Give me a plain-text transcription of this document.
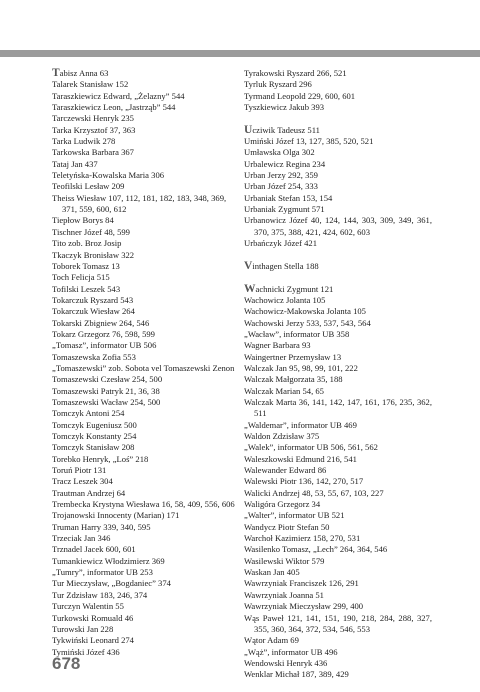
Tabisz Anna 63

Talarek Stanisław 152

Taraszkiewicz Edward, „Żelazny” 544

Taraszkiewicz Leon, „Jastrząb” 544

Tarczewski Henryk 235

Tarka Krzysztof 37, 363

Tarka Ludwik 278

Tarkowska Barbara 367

Tataj Jan 437

Teletyńska-Kowalska Maria 306

Teofilski Lesław 209

Theiss Wiesław 107, 112, 181, 182, 183, 348, 369, 371, 559, 600, 612

Tiepłow Borys 84

Tischner Józef 48, 599

Tito zob. Broz Josip

Tkaczyk Bronisław 322

Toborek Tomasz 13

Toch Felicja 515

Tofilski Leszek 543

Tokarczuk Ryszard 543

Tokarczuk Wiesław 264

Tokarski Zbigniew 264, 546

Tokarz Grzegorz 76, 598, 599

„Tomasz”, informator UB 506

Tomaszewska Zofia 553

„Tomaszewski” zob. Sobota vel Tomaszewski Zenon

Tomaszewski Czesław 254, 500

Tomaszewski Patryk 21, 36, 38

Tomaszewski Wacław 254, 500

Tomczyk Antoni 254

Tomczyk Eugeniusz 500

Tomczyk Konstanty 254

Tomczyk Stanisław 208

Torebko Henryk, „Loś” 218

Toruń Piotr 131

Tracz Leszek 304

Trautman Andrzej 64

Trembecka Krystyna Wiesława 16, 58, 409, 556, 606

Trojanowski Innocenty (Marian) 171

Truman Harry 339, 340, 595

Trzeciak Jan 346

Trznadel Jacek 600, 601

Tumankiewicz Włodzimierz 369

„Tumry”, informator UB 253

Tur Mieczysław, „Bogdaniec” 374

Tur Zdzisław 183, 246, 374

Turczyn Walentin 55

Turkowski Romuald 46

Turowski Jan 228

Tykwiński Leonard 274

Tymiński Józef 436

Tyrakowski Ryszard 266, 521

Tyrluk Ryszard 296

Tyrmand Leopold 229, 600, 601

Tyszkiewicz Jakub 393

Ucziwik Tadeusz 511

Umiński Józef 13, 127, 385, 520, 521

Umławska Olga 302

Urbalewicz Regina 234

Urban Jerzy 292, 359

Urban Józef 254, 333

Urbaniak Stefan 153, 154

Urbaniak Zygmunt 571

Urbanowicz Józef 40, 124, 144, 303, 309, 349, 361, 370, 375, 388, 421, 424, 602, 603

Urbańczyk Józef 421

Vinthagen Stella 188

Wachnicki Zygmunt 121

Wachowicz Jolanta 105

Wachowicz-Makowska Jolanta 105

Wachowski Jerzy 533, 537, 543, 564

„Wacław”, informator UB 358

Wagner Barbara 93

Waingertner Przemysław 13

Walczak Jan 95, 98, 99, 101, 222

Walczak Małgorzata 35, 188

Walczak Marian 54, 65

Walczak Marta 36, 141, 142, 147, 161, 176, 235, 362, 511

„Waldemar”, informator UB 469

Waldon Zdzisław 375

„Walek”, informator UB 506, 561, 562

Waleszkowski Edmund 216, 541

Walewander Edward 86

Walewski Piotr 136, 142, 270, 517

Walicki Andrzej 48, 53, 55, 67, 103, 227

Waligóra Grzegorz 34

„Walter”, informator UB 521

Wandycz Piotr Stefan 50

Warchoł Kazimierz 158, 270, 531

Wasilenko Tomasz, „Lech” 264, 364, 546

Wasilewski Wiktor 579

Waskan Jan 405

Wawrzyniak Franciszek 126, 291

Wawrzyniak Joanna 51

Wawrzyniak Mieczysław 299, 400

Wąs Paweł 121, 141, 151, 190, 218, 284, 288, 327, 355, 360, 364, 372, 534, 546, 553

Wątor Adam 69

„Wąż”, informator UB 496

Wendowski Henryk 436

Wenklar Michał 187, 389, 429

678
